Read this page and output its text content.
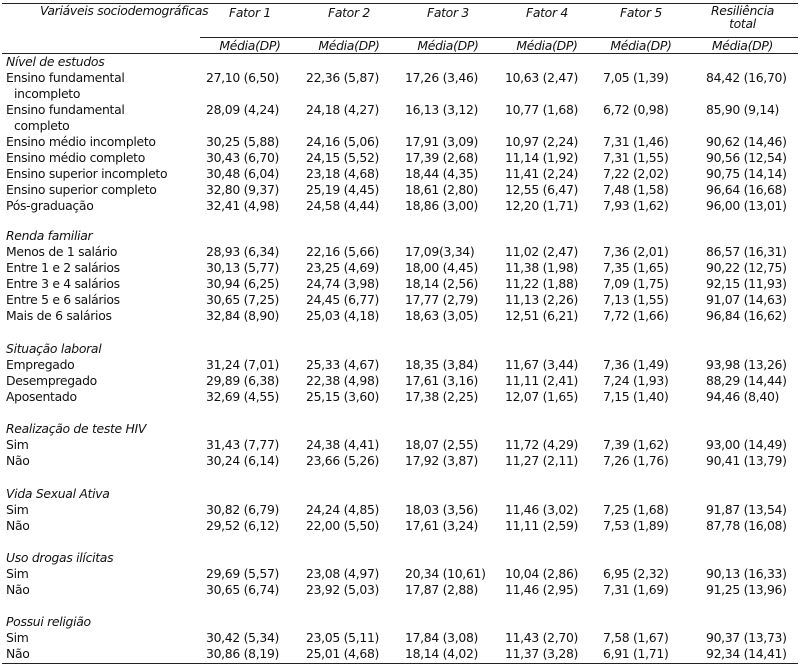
Variáveis sociodemográficas	Fator 1	Fator 2	Fator 3	Fator 4	Fator 5	Resiliência total
Média(DP)	Média(DP)	Média(DP)	Média(DP)	Média(DP)	Média(DP)
Nível de estudos
Ensino fundamental	27,10 (6,50) 22,36 (5,87) 17,26 (3,46) 10,63 (2,47) 7,05 (1,39)	84,42 (16,70)
incompleto
Ensino fundamental	28,09 (4,24) 24,18 (4,27) 16,13 (3,12) 10,77 (1,68) 6,72 (0,98)	85,90 (9,14)
completo
Ensino médio incompleto	30,25 (5,88) 24,16 (5,06) 17,91 (3,09) 10,97 (2,24) 7,31 (1,46)	90,62 (14,46)
Ensino médio completo	30,43 (6,70) 24,15 (5,52) 17,39 (2,68) 11,14 (1,92) 7,31 (1,55)	90,56 (12,54)
Ensino superior incompleto	30,48 (6,04) 23,18 (4,68) 18,44 (4,35) 11,41 (2,24) 7,22 (2,02)	90,75 (14,14)
Ensino superior completo	32,80 (9,37) 25,19 (4,45) 18,61 (2,80) 12,55 (6,47) 7,48 (1,58)	96,64 (16,68)
Pós-graduação	32,41 (4,98) 24,58 (4,44) 18,86 (3,00) 12,20 (1,71) 7,93 (1,62)	96,00 (13,01)
Renda familiar
Menos de 1 salário	28,93 (6,34) 22,16 (5,66) 17,09(3,34) 11,02 (2,47) 7,36 (2,01)	86,57 (16,31)
Entre 1 e 2 salários	30,13 (5,77) 23,25 (4,69) 18,00 (4,45) 11,38 (1,98) 7,35 (1,65)	90,22 (12,75)
Entre 3 e 4 salários	30,94 (6,25) 24,74 (3,98) 18,14 (2,56) 11,22 (1,88) 7,09 (1,75)	92,15 (11,93)
Entre 5 e 6 salários	30,65 (7,25) 24,45 (6,77) 17,77 (2,79) 11,13 (2,26) 7,13 (1,55)	91,07 (14,63)
Mais de 6 salários	32,84 (8,90) 25,03 (4,18) 18,63 (3,05) 12,51 (6,21) 7,72 (1,66)	96,84 (16,62)
Situação laboral
Empregado	31,24 (7,01) 25,33 (4,67) 18,35 (3,84) 11,67 (3,44) 7,36 (1,49)	93,98 (13,26)
Desempregado	29,89 (6,38) 22,38 (4,98) 17,61 (3,16) 11,11 (2,41) 7,24 (1,93)	88,29 (14,44)
Aposentado	32,69 (4,55) 25,15 (3,60) 17,38 (2,25) 12,07 (1,65) 7,15 (1,40)	94,46 (8,40)
Realização de teste HIV
Sim	31,43 (7,77) 24,38 (4,41) 18,07 (2,55) 11,72 (4,29) 7,39 (1,62)	93,00 (14,49)
Não	30,24 (6,14) 23,66 (5,26) 17,92 (3,87) 11,27 (2,11) 7,26 (1,76)	90,41 (13,79)
Vida Sexual Ativa
Sim	30,82 (6,79) 24,24 (4,85) 18,03 (3,56) 11,46 (3,02) 7,25 (1,68)	91,87 (13,54)
Não	29,52 (6,12) 22,00 (5,50) 17,61 (3,24) 11,11 (2,59) 7,53 (1,89)	87,78 (16,08)
Uso drogas ilícitas
Sim	29,69 (5,57) 23,08 (4,97) 20,34 (10,61) 10,04 (2,86) 6,95 (2,32)	90,13 (16,33)
Não	30,65 (6,74) 23,92 (5,03) 17,87 (2,88) 11,46 (2,95) 7,31 (1,69)	91,25 (13,96)
Possui religião
Sim	30,42 (5,34) 23,05 (5,11) 17,84 (3,08) 11,43 (2,70) 7,58 (1,67)	90,37 (13,73)
Não	30,86 (8,19) 25,01 (4,68) 18,14 (4,02) 11,37 (3,28) 6,91 (1,71)	92,34 (14,41)
